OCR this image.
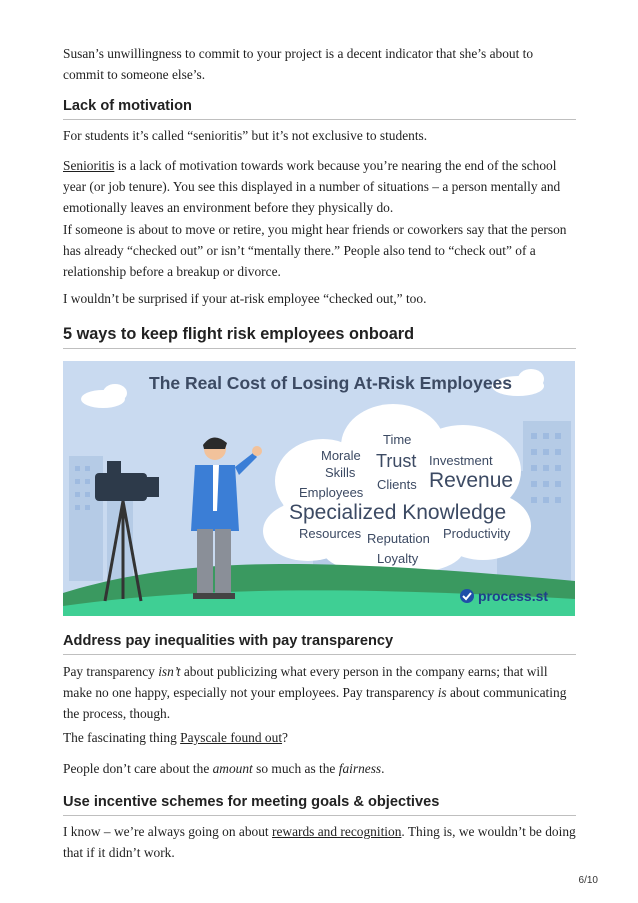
Susan’s unwillingness to commit to your project is a decent indicator that she’s about to commit to someone else’s.

Lack of motivation

For students it’s called “senioritis” but it’s not exclusive to students.

Senioritis is a lack of motivation towards work because you’re nearing the end of the school year (or job tenure). You see this displayed in a number of situations – a person mentally and emotionally leaves an environment before they physically do.

If someone is about to move or retire, you might hear friends or coworkers say that the person has already “checked out” or isn’t “mentally there.” People also tend to “check out” of a relationship before a breakup or divorce.

I wouldn’t be surprised if your at-risk employee “checked out,” too.

5 ways to keep flight risk employees onboard
The Real Cost of Losing At-Risk Employees
Time
Morale Trust Investment
Skills
Clients Revenue
Employees
Specialized Knowledge
Resources Reputation Productivity
Loyalty
process.st
Address pay inequalities with pay transparency

Pay transparency isn’t about publicizing what every person in the company earns; that will make no one happy, especially not your employees. Pay transparency is about communicating the process, though.

The fascinating thing Payscale found out?

People don’t care about the amount so much as the fairness.

Use incentive schemes for meeting goals & objectives

I know – we’re always going on about rewards and recognition. Thing is, we wouldn’t be doing that if it didn’t work.

6/10
